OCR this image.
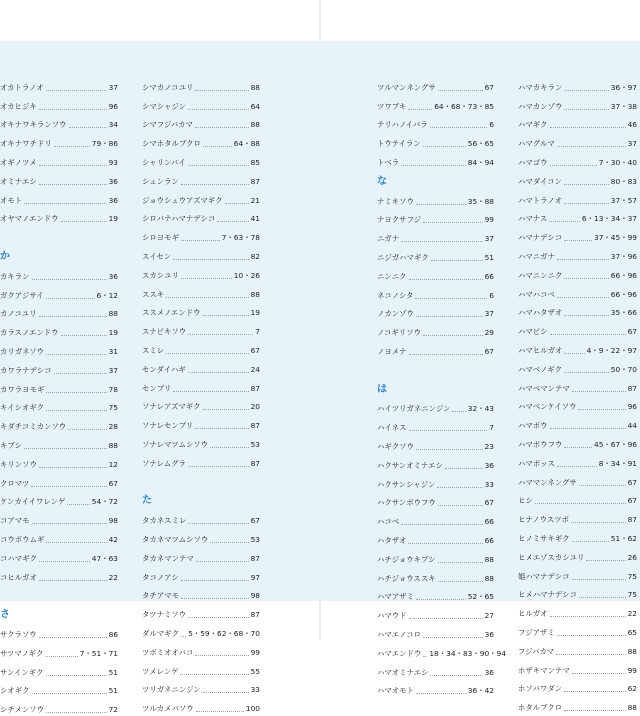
オカトラノオ	37
オカヒジキ	96
オキナワキランソウ	34
オキナワチドリ	79・86
オギノツメ	93
オミナエシ	36
オモト	36
オヤマノエンドウ	19
か
カキラン	36
ガクアジサイ	6・12
カノコユリ	88
カラスノエンドウ	19
カリガネソウ	31
カワラナデシコ	37
カワラヨモギ	78
キイシオギク	75
キダチコミカンソウ	28
キブシ	88
キリンソウ	12
クロマツ	67
ケンカイイワレンゲ	54・72
コアマモ	98
コウボウムギ	42
コハマギク	47・63
コヒルガオ	22
さ
サクラソウ	86
サツマノギク	7・51・71
サンインギク	51
シオギク	51
シチメンソウ	72
シマカノコユリ	88
シマシャジン	64
シマフジバカマ	88
シマホタルブクロ	64・88
シャリンバイ	85
シュンラン	87
ジョウシュウアズマギク	21
シロバナハマナデシコ	41
シロヨモギ	7・63・78
スイセン	82
スカシユリ	10・26
ススキ	88
ススメノエンドウ	19
スナビキソウ	7
スミレ	67
センダイハギ	24
センブリ	87
ソナレアズマギク	20
ソナレセンブリ	87
ソナレマツムシソウ	53
ソナレムグラ	87
た
タカネスミレ	67
タカネマツムシソウ	53
タカネマンテマ	87
タコノアシ	97
タチアマモ	98
タツナミソウ	87
ダルマギク 5・59・62・68・70
ツボミオオバコ	99
ツメレンゲ	55
ツリガネニンジン	33
ツルカメバソウ	100
ツルマンネングサ	67
ツワブキ	64・68・73・85
テリハノイバラ	6
トウテイラン	56・65
トベラ	84・94
な
ナミキソウ	35・88
ナヨクサフジ	99
ニガナ	37
ニジガハマギク	51
ニンニク	66
ネコノシタ	6
ノカンゾウ	37
ノコギリソウ	29
ノヨメナ	67
は
ハイツリガネニンジン 32・43
ハイネス	7
ハギクソウ	23
ハクサンオミナエシ	36
ハクサンシャジン	33
ハクサンボウフウ	67
ハコベ	66
ハタザオ	66
ハチジョウキブシ	88
ハチジョウススキ	88
ハマアザミ	52・65
ハマウド	27
ハマエノコロ	36
ハマエンドウ 18・34・83・90・94
ハマオミナエシ	36
ハマオモト	36・42
ハマカキラン	36・97
ハマカンゾウ	37・38
ハマギク	46
ハマグルマ	37
ハマゴウ	7・30・40
ハマダイコン	80・83
ハマトラノオ	37・57
ハマナス	6・13・34・37
ハマナデシコ	37・45・99
ハマニガナ	37・96
ハマニンニク	66・96
ハマハコベ	66・96
ハマハタザオ	35・66
ハマビシ	67
ハマヒルガオ	4・9・22・97
ハマベノギク	50・70
ハマベマンテマ	87
ハマベンケイソウ	96
ハマボウ	44
ハマボウフウ	45・67・96
ハマボッス	8・34・91
ハママンネングサ	67
ヒシ	67
ヒナノウスツボ	87
ヒノミサキギク	51・62
ヒメエゾスカシユリ	26
姫ハマナデシコ	75
ヒメハマナデシコ	75
ヒルガオ	22
フジアザミ	65
フジバカマ	88
ホザキマンテマ	99
ホソバワダン	62
ホタルブクロ	88
